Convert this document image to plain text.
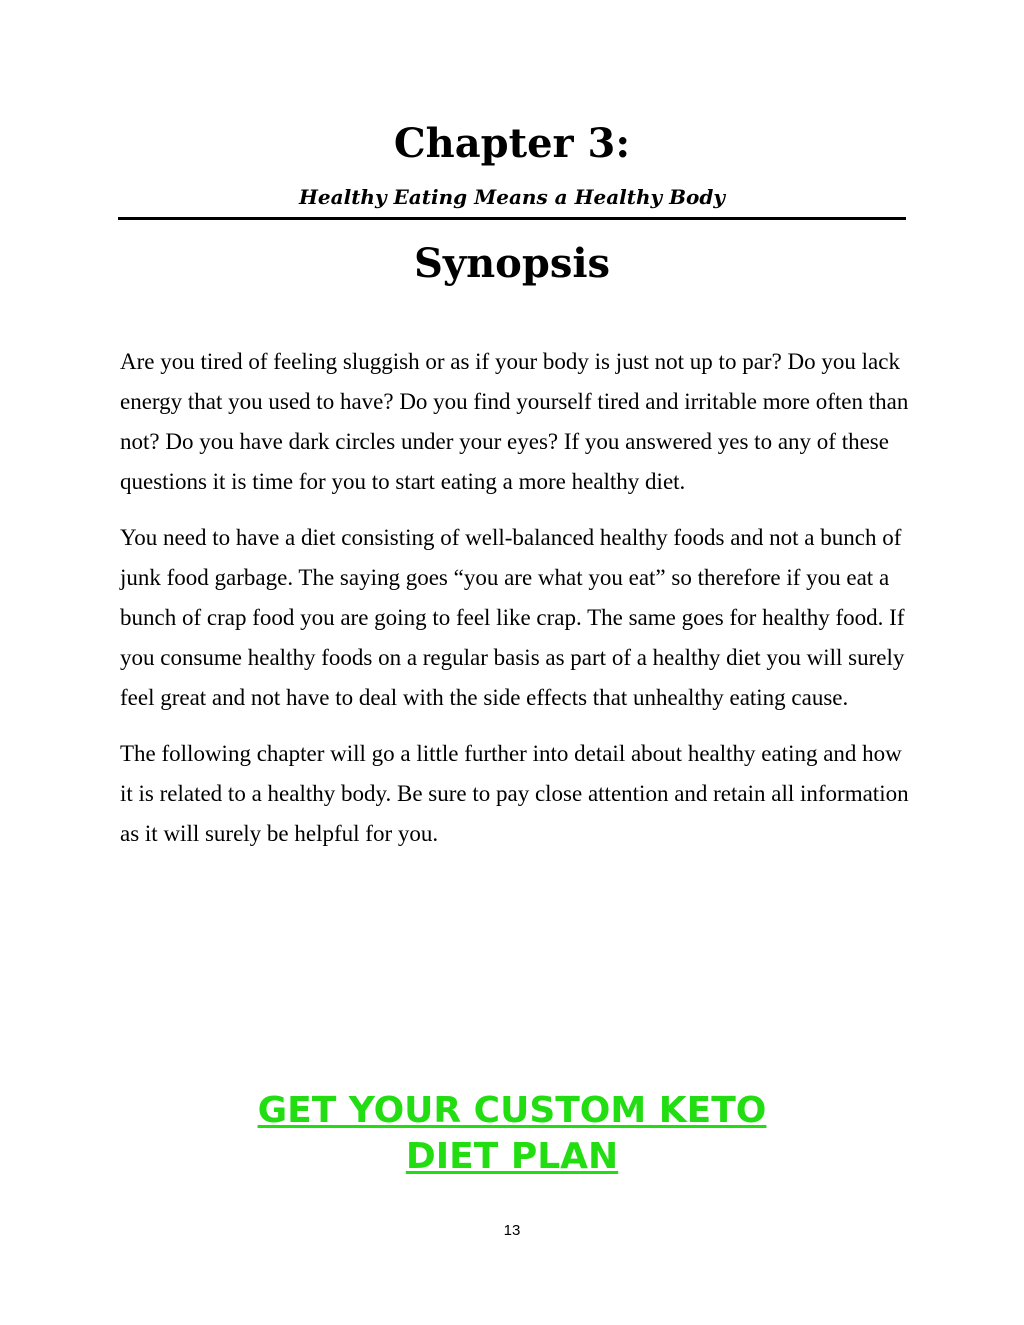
Chapter 3:
Healthy Eating Means a Healthy Body
Synopsis

Are you tired of feeling sluggish or as if your body is just not up to par? Do you lack energy that you used to have? Do you find yourself tired and irritable more often than not? Do you have dark circles under your eyes? If you answered yes to any of these questions it is time for you to start eating a more healthy diet.

You need to have a diet consisting of well-balanced healthy foods and not a bunch of junk food garbage. The saying goes “you are what you eat” so therefore if you eat a bunch of crap food you are going to feel like crap. The same goes for healthy food. If you consume healthy foods on a regular basis as part of a healthy diet you will surely feel great and not have to deal with the side effects that unhealthy eating cause.

The following chapter will go a little further into detail about healthy eating and how it is related to a healthy body. Be sure to pay close attention and retain all information as it will surely be helpful for you.

GET YOUR CUSTOM KETO
DIET PLAN
13
